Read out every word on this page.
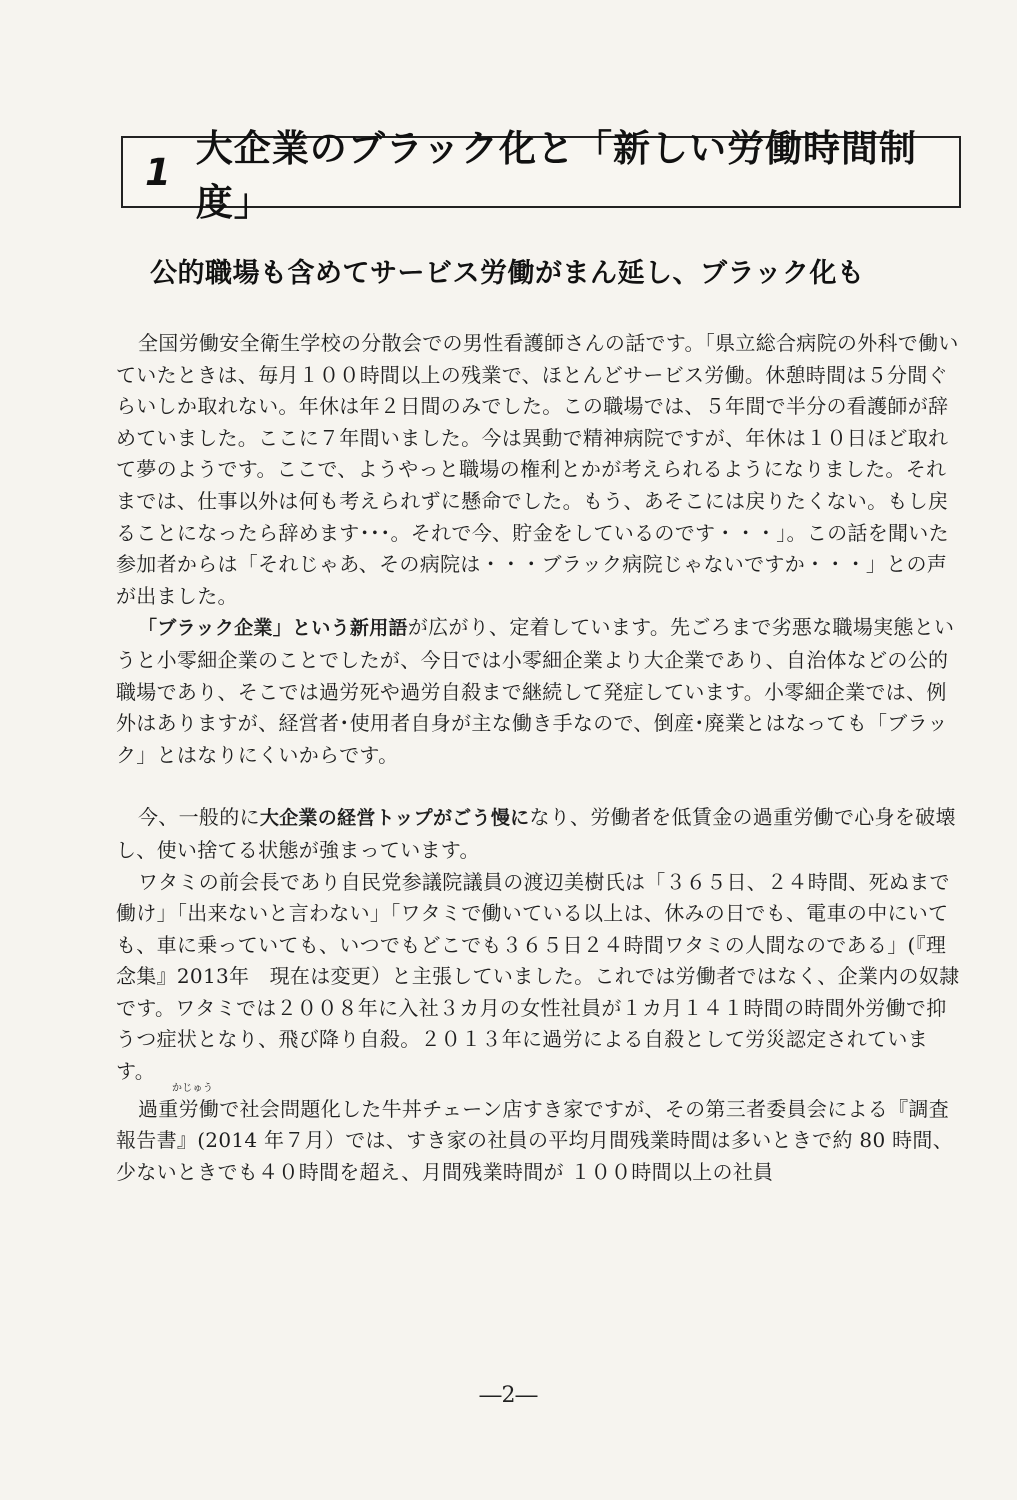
1
大企業のブラック化と「新しい労働時間制度」
公的職場も含めてサービス労働がまん延し、ブラック化も

全国労働安全衛生学校の分散会での男性看護師さんの話です。「県立総合病院の外科で働いていたときは、毎月１００時間以上の残業で、ほとんどサービス労働。休憩時間は５分間ぐらいしか取れない。年休は年２日間のみでした。この職場では、５年間で半分の看護師が辞めていました。ここに７年間いました。今は異動で精神病院ですが、年休は１０日ほど取れて夢のようです。ここで、ようやっと職場の権利とかが考えられるようになりました。それまでは、仕事以外は何も考えられずに懸命でした。もう、あそこには戻りたくない。もし戻ることになったら辞めます･･･。それで今、貯金をしているのです・・・」。この話を聞いた参加者からは「それじゃあ、その病院は・・・ブラック病院じゃないですか・・・」との声が出ました。

「ブラック企業」という新用語が広がり、定着しています。先ごろまで劣悪な職場実態というと小零細企業のことでしたが、今日では小零細企業より大企業であり、自治体などの公的職場であり、そこでは過労死や過労自殺まで継続して発症しています。小零細企業では、例外はありますが、経営者･使用者自身が主な働き手なので、倒産･廃業とはなっても「ブラック」とはなりにくいからです。

今、一般的に大企業の経営トップがごう慢になり、労働者を低賃金の過重労働で心身を破壊し、使い捨てる状態が強まっています。

ワタミの前会長であり自民党参議院議員の渡辺美樹氏は「３６５日、２４時間、死ぬまで働け」「出来ないと言わない」「ワタミで働いている以上は、休みの日でも、電車の中にいても、車に乗っていても、いつでもどこでも３６５日２４時間ワタミの人間なのである」(『理念集』2013年　現在は変更）と主張していました。これでは労働者ではなく、企業内の奴隷です。ワタミでは２００８年に入社３カ月の女性社員が１カ月１４１時間の時間外労働で抑うつ症状となり、飛び降り自殺。２０１３年に過労による自殺として労災認定されています。

かじゅう
過重労働で社会問題化した牛丼チェーン店すき家ですが、その第三者委員会による『調査報告書』(2014 年７月）では、すき家の社員の平均月間残業時間は多いときで約 80 時間、少ないときでも４０時間を超え、月間残業時間が １００時間以上の社員

―2―
